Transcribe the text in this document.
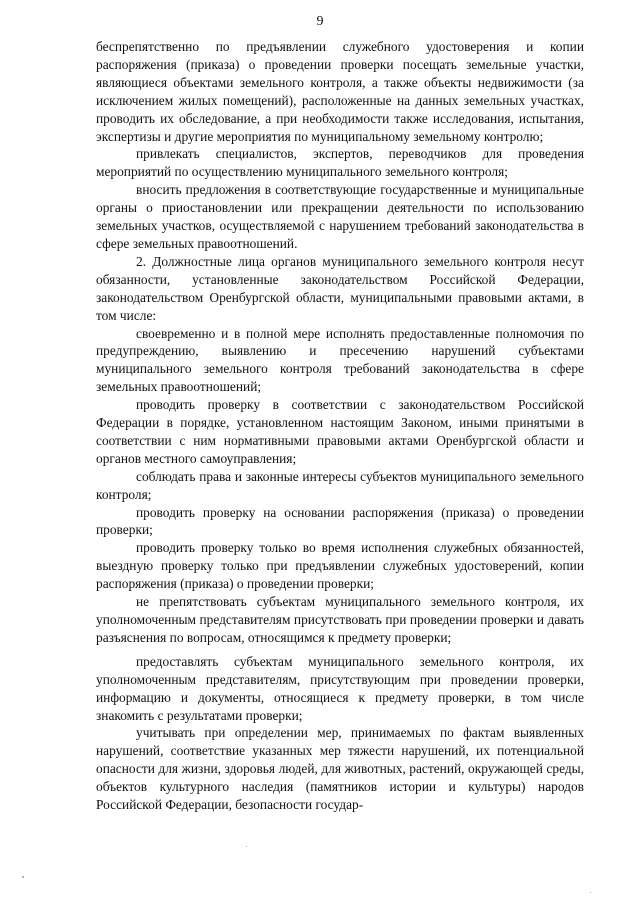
9

беспрепятственно по предъявлении служебного удостоверения и копии распоряжения (приказа) о проведении проверки посещать земельные участки, являющиеся объектами земельного контроля, а также объекты недвижимости (за исключением жилых помещений), расположенные на данных земельных участках, проводить их обследование, а при необходимости также исследования, испытания, экспертизы и другие мероприятия по муниципальному земельному контролю;

привлекать специалистов, экспертов, переводчиков для проведения мероприятий по осуществлению муниципального земельного контроля;

вносить предложения в соответствующие государственные и муниципальные органы о приостановлении или прекращении деятельности по использованию земельных участков, осуществляемой с нарушением требований законодательства в сфере земельных правоотношений.

2. Должностные лица органов муниципального земельного контроля несут обязанности, установленные законодательством Российской Федерации, законодательством Оренбургской области, муниципальными правовыми актами, в том числе:

своевременно и в полной мере исполнять предоставленные полномочия по предупреждению, выявлению и пресечению нарушений субъектами муниципального земельного контроля требований законодательства в сфере земельных правоотношений;

проводить проверку в соответствии с законодательством Российской Федерации в порядке, установленном настоящим Законом, иными принятыми в соответствии с ним нормативными правовыми актами Оренбургской области и органов местного самоуправления;

соблюдать права и законные интересы субъектов муниципального земельного контроля;

проводить проверку на основании распоряжения (приказа) о проведении проверки;

проводить проверку только во время исполнения служебных обязанностей, выездную проверку только при предъявлении служебных удостоверений, копии распоряжения (приказа) о проведении проверки;

не препятствовать субъектам муниципального земельного контроля, их уполномоченным представителям присутствовать при проведении проверки и давать разъяснения по вопросам, относящимся к предмету проверки;

предоставлять субъектам муниципального земельного контроля, их уполномоченным представителям, присутствующим при проведении проверки, информацию и документы, относящиеся к предмету проверки, в том числе знакомить с результатами проверки;

учитывать при определении мер, принимаемых по фактам выявленных нарушений, соответствие указанных мер тяжести нарушений, их потенциальной опасности для жизни, здоровья людей, для животных, растений, окружающей среды, объектов культурного наследия (памятников истории и культуры) народов Российской Федерации, безопасности государ-
